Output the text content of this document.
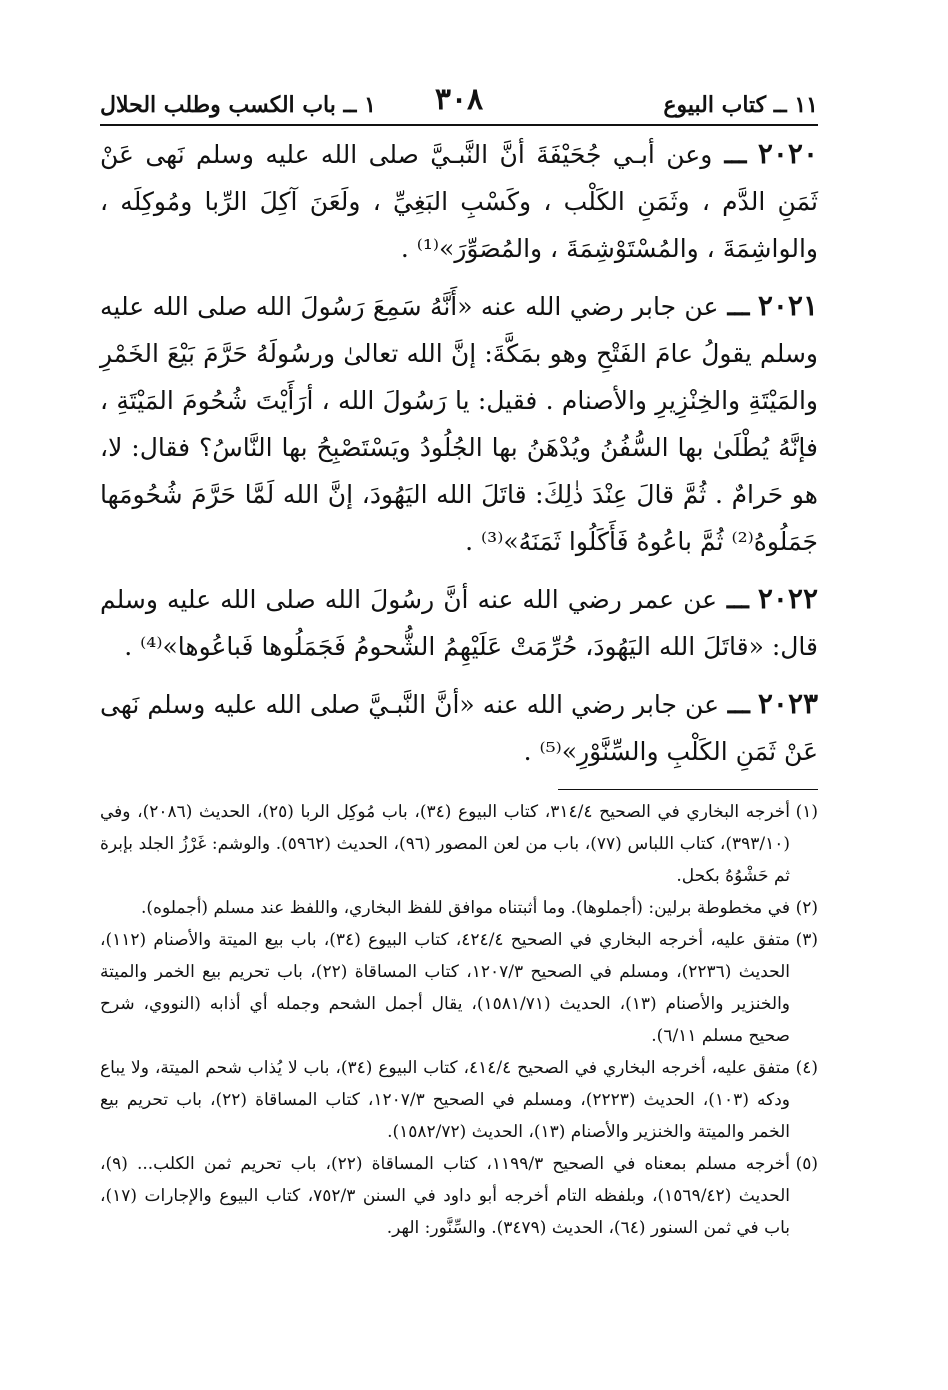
١١ ــ كتاب البيوع
٣٠٨
١ ــ باب الكسب وطلب الحلال
٢٠٢٠ ـــ وعن أبـي جُحَيْفَةَ أنَّ النَّبـيَّ صلى الله عليه وسلم نَهى عَنْ ثَمَنِ الدَّم ، وثَمَنِ الكَلْب ، وكَسْبِ البَغِيِّ ، ولَعَنَ آكِلَ الرِّبا ومُوكِلَه ، والواشِمَةَ ، والمُسْتَوْشِمَةَ ، والمُصَوِّرَ»⁽¹⁾ .
٢٠٢١ ـــ عن جابر رضي الله عنه «أَنَّهُ سَمِعَ رَسُولَ الله صلى الله عليه وسلم يقولُ عامَ الفَتْحِ وهو بمَكَّةَ: إنَّ الله تعالىٰ ورسُولَهُ حَرَّمَ بَيْعَ الخَمْرِ والمَيْتَةِ والخِنْزِيرِ والأصنام . فقيل: يا رَسُولَ الله ، أرَأَيْتَ شُحُومَ المَيْتَةِ ، فإنَّهُ يُطْلَىٰ بها السُّفُنُ ويُدْهَنُ بها الجُلُودُ ويَسْتَصْبِحُ بها النَّاسُ؟ فقال: لا، هو حَرامٌ . ثُمَّ قالَ عِنْدَ ذٰلِكَ: قاتَلَ الله اليَهُودَ، إنَّ الله لَمَّا حَرَّمَ شُحُومَها جَمَلُوهُ⁽²⁾ ثُمَّ باعُوهُ فَأَكَلُوا ثَمَنَهُ»⁽³⁾ .
٢٠٢٢ ـــ عن عمر رضي الله عنه أنَّ رسُولَ الله صلى الله عليه وسلم قال: «قاتَلَ الله اليَهُودَ، حُرِّمَتْ عَلَيْهِمُ الشُّحومُ فَجَمَلُوها فَباعُوها»⁽⁴⁾ .
٢٠٢٣ ـــ عن جابر رضي الله عنه «أنَّ النَّبـيَّ صلى الله عليه وسلم نَهى عَنْ ثَمَنِ الكَلْبِ والسِّنَّوْرِ»⁽⁵⁾ .
(١)
أخرجه البخاري في الصحيح ٣١٤/٤، كتاب البيوع (٣٤)، باب مُوكِل الربا (٢٥)، الحديث (٢٠٨٦)، وفي (٣٩٣/١٠)، كتاب اللباس (٧٧)، باب من لعن المصور (٩٦)، الحديث (٥٩٦٢). والوشم: غَرْزُ الجلد بإبرة ثم حَشْوُهُ بكحل.
(٢)
في مخطوطة برلين: (أجملوها). وما أثبتناه موافق للفظ البخاري، واللفظ عند مسلم (أجملوه).
(٣)
متفق عليه، أخرجه البخاري في الصحيح ٤٢٤/٤، كتاب البيوع (٣٤)، باب بيع الميتة والأصنام (١١٢)، الحديث (٢٢٣٦)، ومسلم في الصحيح ١٢٠٧/٣، كتاب المساقاة (٢٢)، باب تحريم بيع الخمر والميتة والخنزير والأصنام (١٣)، الحديث (١٥٨١/٧١)، يقال أجمل الشحم وجمله أي أذابه (النووي، شرح صحيح مسلم ٦/١١).
(٤)
متفق عليه، أخرجه البخاري في الصحيح ٤١٤/٤، كتاب البيوع (٣٤)، باب لا يُذاب شحم الميتة، ولا يباع ودكه (١٠٣)، الحديث (٢٢٢٣)، ومسلم في الصحيح ١٢٠٧/٣، كتاب المساقاة (٢٢)، باب تحريم بيع الخمر والميتة والخنزير والأصنام (١٣)، الحديث (١٥٨٢/٧٢).
(٥)
أخرجه مسلم بمعناه في الصحيح ١١٩٩/٣، كتاب المساقاة (٢٢)، باب تحريم ثمن الكلب... (٩)، الحديث (١٥٦٩/٤٢)، وبلفظه التام أخرجه أبو داود في السنن ٧٥٢/٣، كتاب البيوع والإجارات (١٧)، باب في ثمن السنور (٦٤)، الحديث (٣٤٧٩). والسِّنَّور: الهر.
